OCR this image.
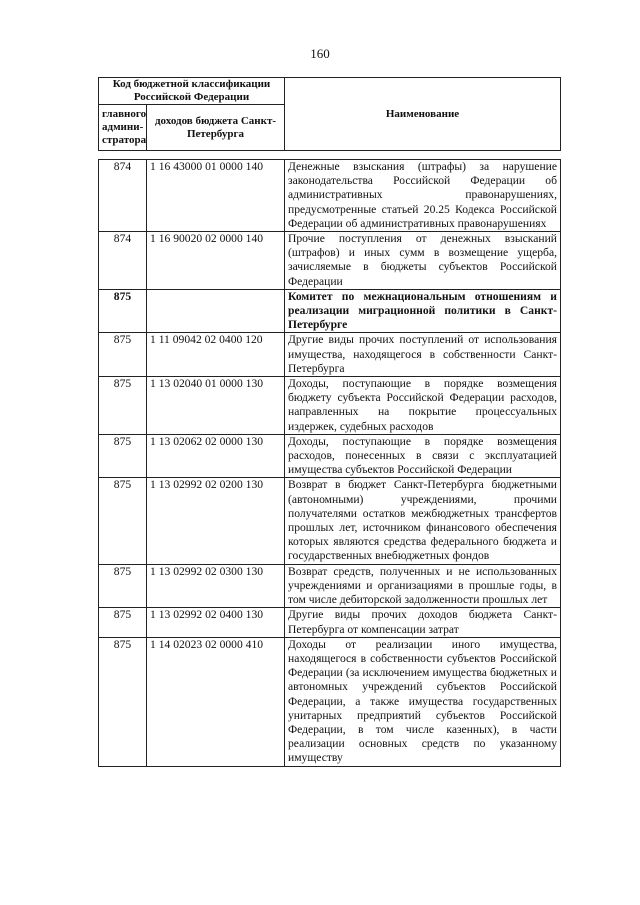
160
Код бюджетной классификации Российской Федерации		Наименование
главного админи-стратора	доходов бюджета Санкт-Петербурга	
874	1 16 43000 01 0000 140	Денежные взыскания (штрафы) за нарушение законодательства Российской Федерации об административных правонарушениях, предусмотренные статьей 20.25 Кодекса Российской Федерации об административных правонарушениях
874	1 16 90020 02 0000 140	Прочие поступления от денежных взысканий (штрафов) и иных сумм в возмещение ущерба, зачисляемые в бюджеты субъектов Российской Федерации
875		Комитет по межнациональным отношениям и реализации миграционной политики в Санкт-Петербурге
875	1 11 09042 02 0400 120	Другие виды прочих поступлений от использования имущества, находящегося в собственности Санкт-Петербурга
875	1 13 02040 01 0000 130	Доходы, поступающие в порядке возмещения бюджету субъекта Российской Федерации расходов, направленных на покрытие процессуальных издержек, судебных расходов
875	1 13 02062 02 0000 130	Доходы, поступающие в порядке возмещения расходов, понесенных в связи с эксплуатацией имущества субъектов Российской Федерации
875	1 13 02992 02 0200 130	Возврат в бюджет Санкт-Петербурга бюджетными (автономными) учреждениями, прочими получателями остатков межбюджетных трансфертов прошлых лет, источником финансового обеспечения которых являются средства федерального бюджета и государственных внебюджетных фондов
875	1 13 02992 02 0300 130	Возврат средств, полученных и не использованных учреждениями и организациями в прошлые годы, в том числе дебиторской задолженности прошлых лет
875	1 13 02992 02 0400 130	Другие виды прочих доходов бюджета Санкт-Петербурга от компенсации затрат
875	1 14 02023 02 0000 410	Доходы от реализации иного имущества, находящегося в собственности субъектов Российской Федерации (за исключением имущества бюджетных и автономных учреждений субъектов Российской Федерации, а также имущества государственных унитарных предприятий субъектов Российской Федерации, в том числе казенных), в части реализации основных средств по указанному имуществу
